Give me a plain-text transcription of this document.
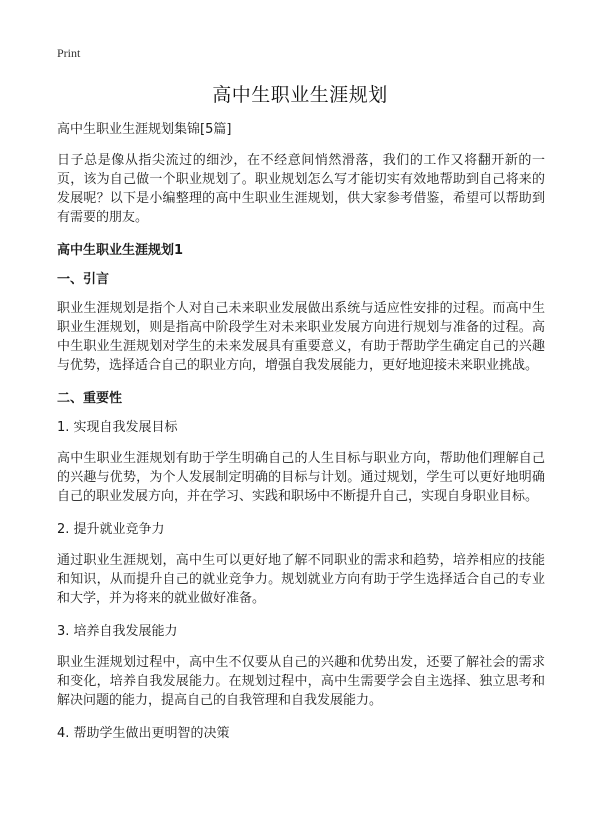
Print
高中生职业生涯规划

高中生职业生涯规划集锦[5篇]

日子总是像从指尖流过的细沙，在不经意间悄然滑落，我们的工作又将翻开新的一页，该为自己做一个职业规划了。职业规划怎么写才能切实有效地帮助到自己将来的发展呢？以下是小编整理的高中生职业生涯规划，供大家参考借鉴，希望可以帮助到有需要的朋友。

高中生职业生涯规划1

一、引言

职业生涯规划是指个人对自己未来职业发展做出系统与适应性安排的过程。而高中生职业生涯规划，则是指高中阶段学生对未来职业发展方向进行规划与准备的过程。高中生职业生涯规划对学生的未来发展具有重要意义，有助于帮助学生确定自己的兴趣与优势，选择适合自己的职业方向，增强自我发展能力，更好地迎接未来职业挑战。

二、重要性

1. 实现自我发展目标

高中生职业生涯规划有助于学生明确自己的人生目标与职业方向，帮助他们理解自己的兴趣与优势，为个人发展制定明确的目标与计划。通过规划，学生可以更好地明确自己的职业发展方向，并在学习、实践和职场中不断提升自己，实现自身职业目标。

2. 提升就业竞争力

通过职业生涯规划，高中生可以更好地了解不同职业的需求和趋势，培养相应的技能和知识，从而提升自己的就业竞争力。规划就业方向有助于学生选择适合自己的专业和大学，并为将来的就业做好准备。

3. 培养自我发展能力

职业生涯规划过程中，高中生不仅要从自己的兴趣和优势出发，还要了解社会的需求和变化，培养自我发展能力。在规划过程中，高中生需要学会自主选择、独立思考和解决问题的能力，提高自己的自我管理和自我发展能力。

4. 帮助学生做出更明智的决策
